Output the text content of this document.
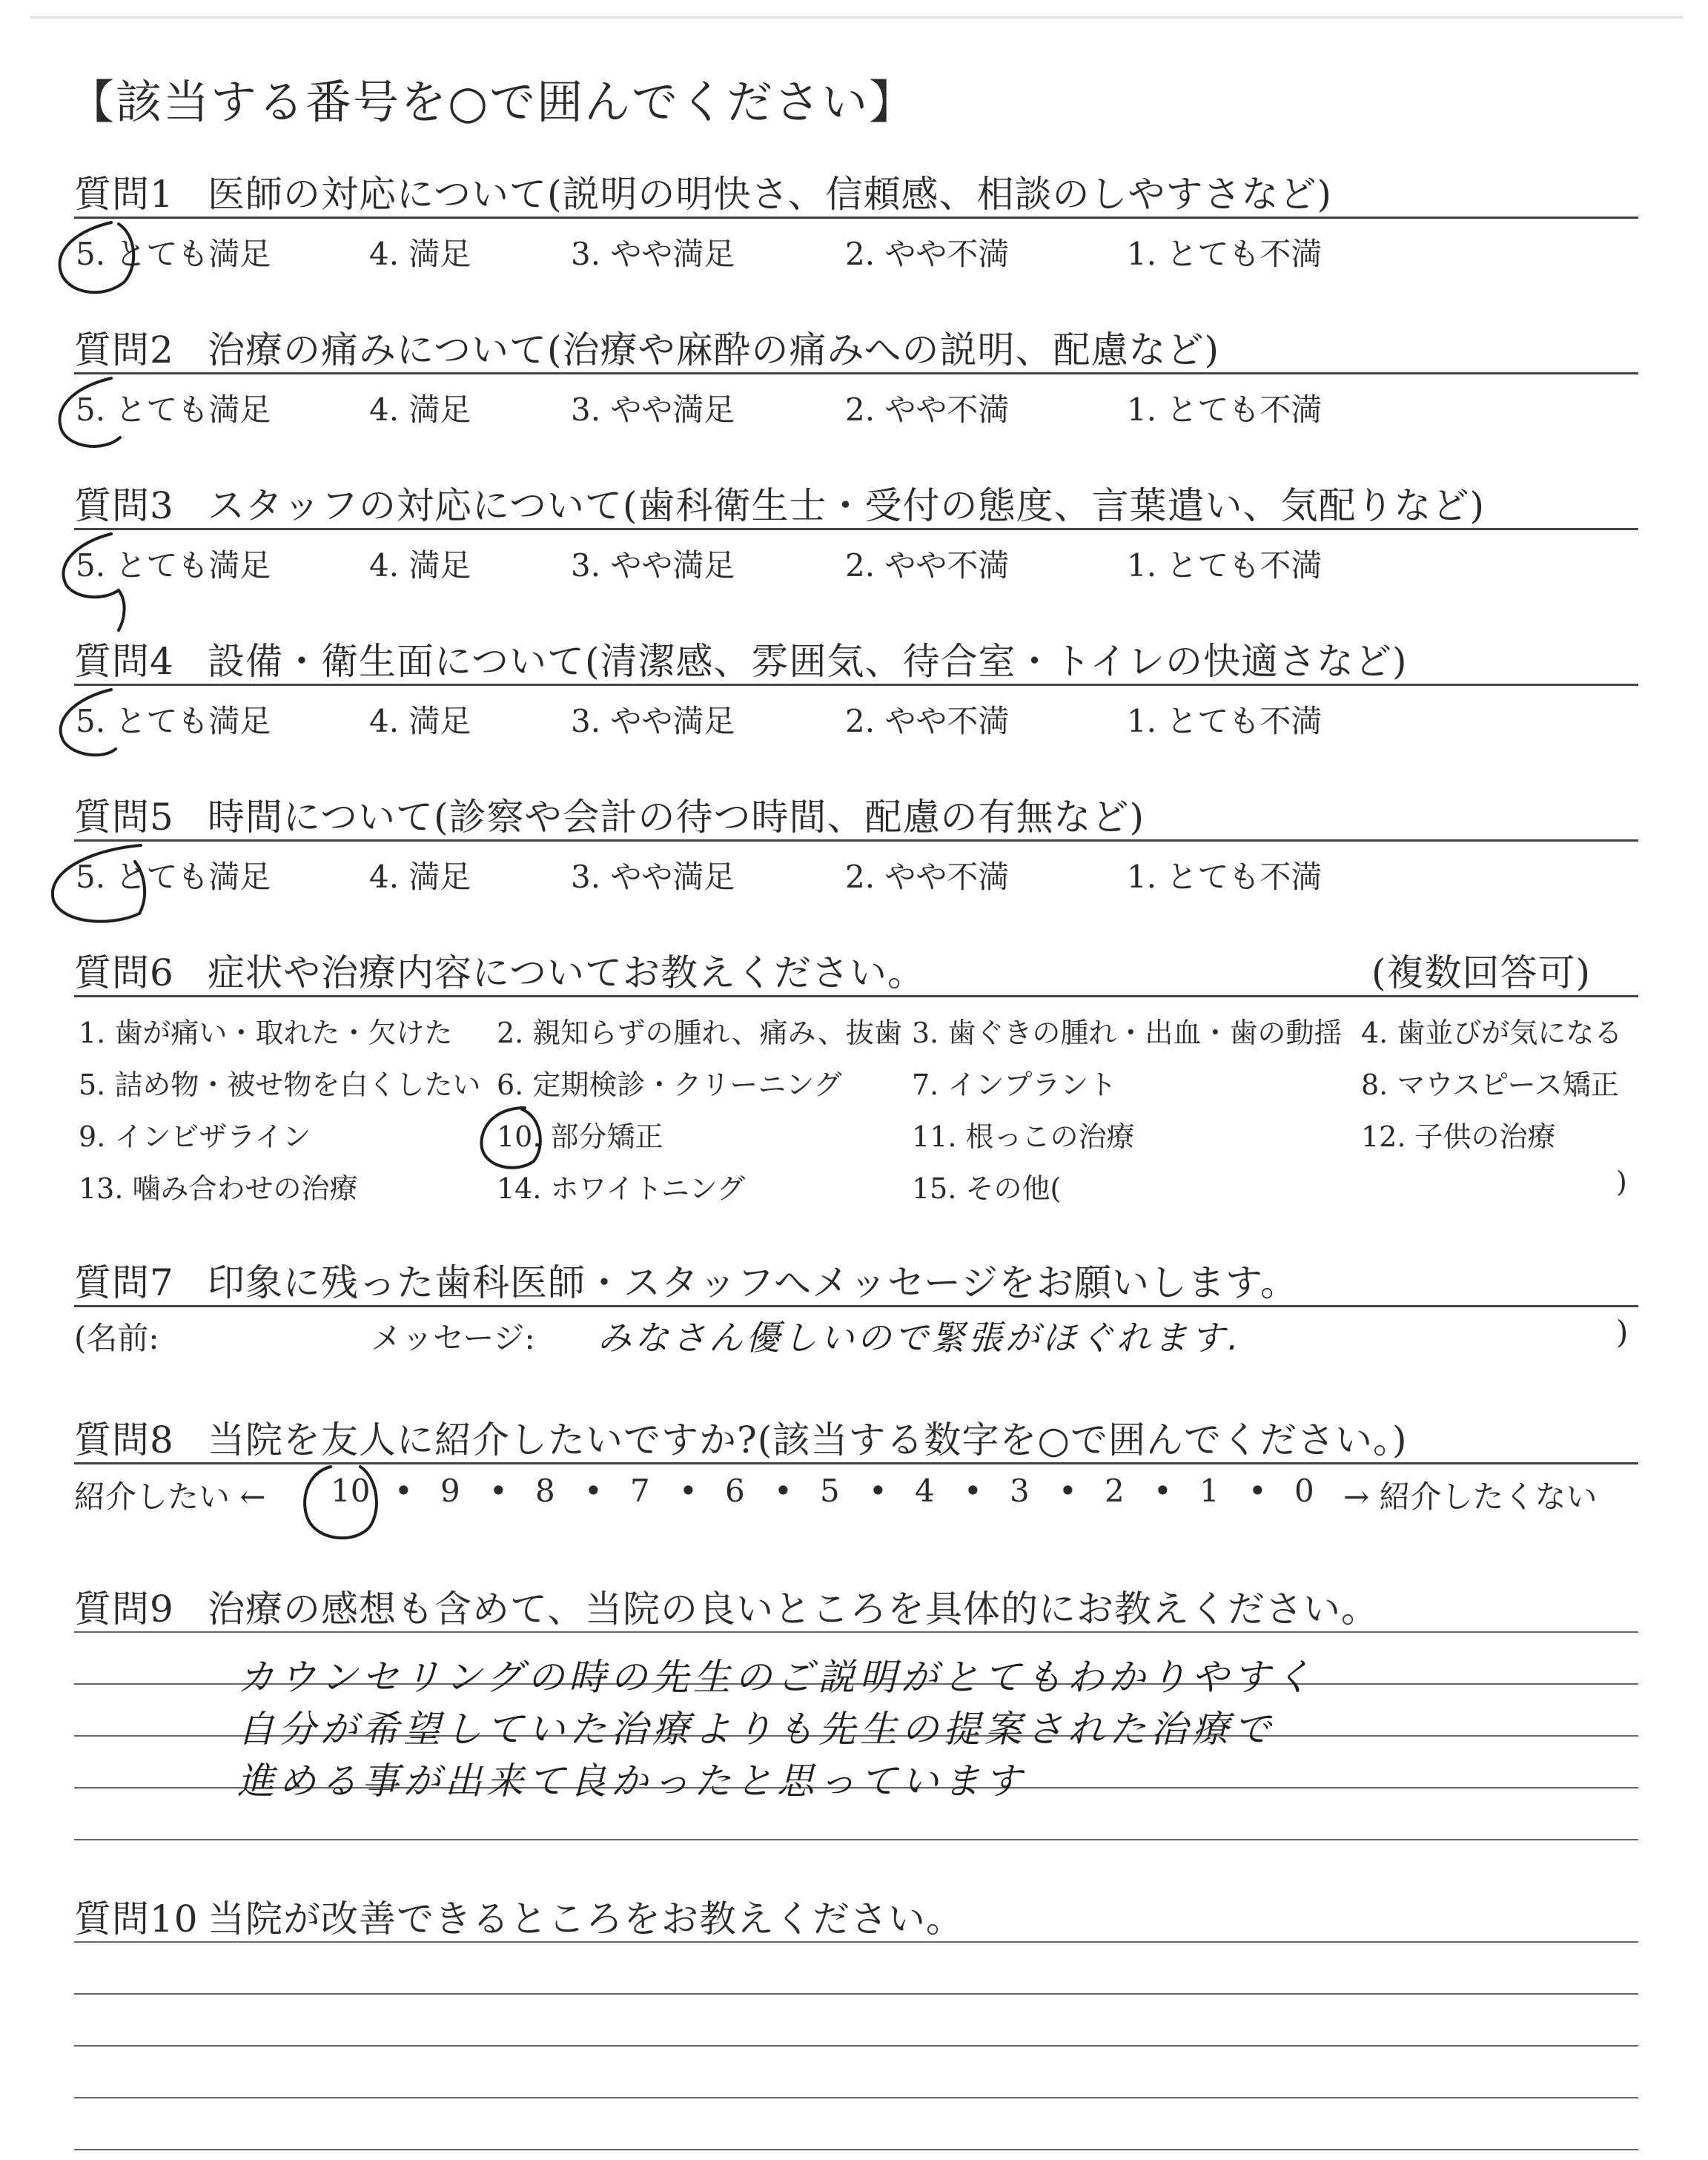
【該当する番号を○で囲んでください】
質問1 医師の対応について(説明の明快さ、信頼感、相談のしやすさなど)
5. とても満足	4. 満足	3. やや満足	2. やや不満	1. とても不満
質問2 治療の痛みについて(治療や麻酔の痛みへの説明、配慮など)
5. とても満足	4. 満足	3. やや満足	2. やや不満	1. とても不満
質問3 スタッフの対応について(歯科衛生士・受付の態度、言葉遣い、気配りなど)
5. とても満足	4. 満足	3. やや満足	2. やや不満	1. とても不満
質問4 設備・衛生面について(清潔感、雰囲気、待合室・トイレの快適さなど)
5. とても満足	4. 満足	3. やや満足	2. やや不満	1. とても不満
質問5 時間について(診察や会計の待つ時間、配慮の有無など)
5. とても満足	4. 満足	3. やや満足	2. やや不満	1. とても不満
質問6 症状や治療内容についてお教えください。	(複数回答可)
1. 歯が痛い・取れた・欠けた 2. 親知らずの腫れ、痛み、抜歯 3. 歯ぐきの腫れ・出血・歯の動揺 4. 歯並びが気になる
5. 詰め物・被せ物を白くしたい 6. 定期検診・クリーニング 7. インプラント	8. マウスピース矯正
9. インビザライン	10. 部分矯正	11. 根っこの治療	12. 子供の治療
13. 噛み合わせの治療	14. ホワイトニング	15. その他(	)
質問7 印象に残った歯科医師・スタッフへメッセージをお願いします。
(名前:	メッセージ: みなさん優しいので緊張がほぐれます.	)
質問8 当院を友人に紹介したいですか?(該当する数字を○で囲んでください。)
紹介したい ← 10 • 9 • 8 • 7 • 6 • 5 • 4 • 3 • 2 • 1 • 0 → 紹介したくない
質問9 治療の感想も含めて、当院の良いところを具体的にお教えください。
カウンセリングの時の先生のご説明がとてもわかりやすく
自分が希望していた治療よりも先生の提案された治療で
進める事が出来て良かったと思っています
質問10 当院が改善できるところをお教えください。
